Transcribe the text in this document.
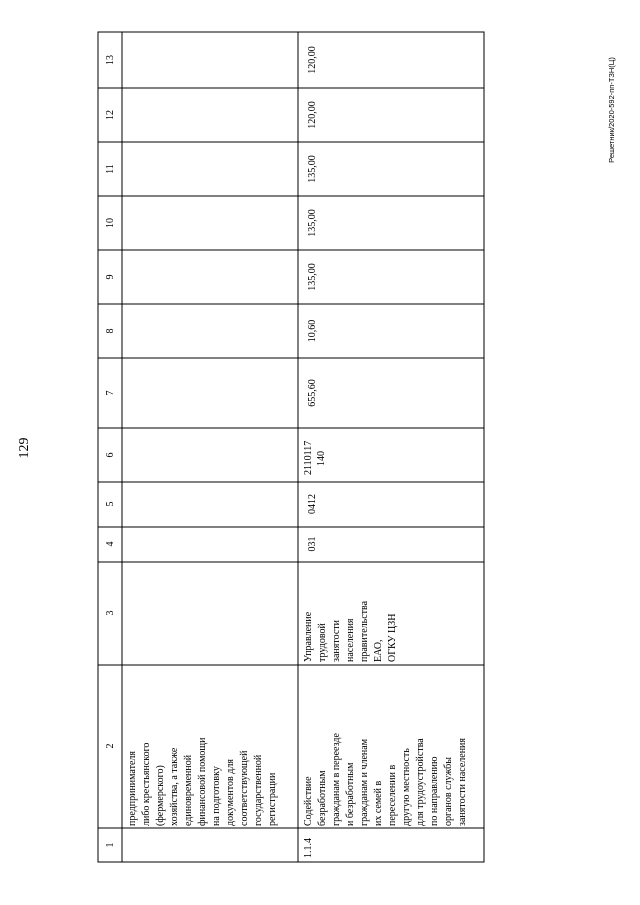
129
Решетник/2020-592-пп-ТЗН(Ц)
1
2
3
4
5
6
7
8
9
10
11
12
13
предпринимателя либо крестьянского (фермерского) хозяйства, а также единовременной финансовой помощи на подготовку документов для соответствующей государственной регистрации
1.1.4
Содействие безработным гражданам в переезде и безработным гражданам и членам их семей в переселении в другую местность для трудоустройства по направлению органов службы занятости населения
Управление трудовой занятости населения правительства ЕАО, ОГКУ ЦЗН
031
0412
2110117 140
655,60
10,60
135,00
135,00
135,00
120,00
120,00
